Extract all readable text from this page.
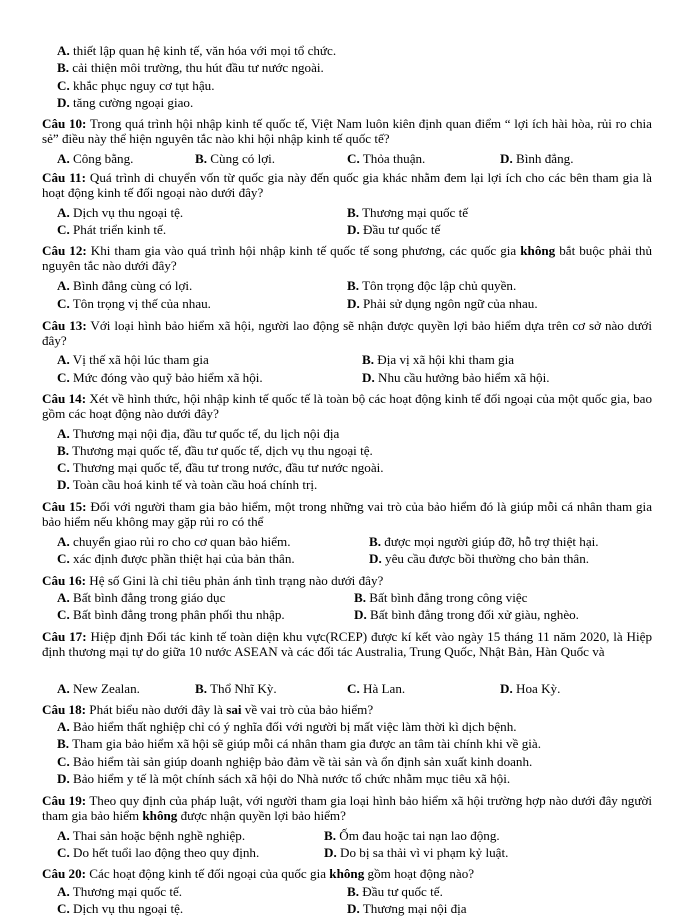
A. thiết lập quan hệ kinh tế, văn hóa với mọi tổ chức.
B. cải thiện môi trường, thu hút đầu tư nước ngoài.
C. khắc phục nguy cơ tụt hậu.
D. tăng cường ngoại giao.
Câu 10: Trong quá trình hội nhập kinh tế quốc tế, Việt Nam luôn kiên định quan điểm “ lợi ích hài hòa, rủi ro chia sẻ” điều này thể hiện nguyên tắc nào khi hội nhập kinh tế quốc tế?
A. Công bằng.	B. Cùng có lợi.	C. Thỏa thuận.	D. Bình đẳng.
Câu 11: Quá trình di chuyển vốn từ quốc gia này đến quốc gia khác nhằm đem lại lợi ích cho các bên tham gia là hoạt động kinh tế đối ngoại nào dưới đây?
A. Dịch vụ thu ngoại tệ.	B. Thương mại quốc tế
C. Phát triển kinh tế.	D. Đầu tư quốc tế
Câu 12: Khi tham gia vào quá trình hội nhập kinh tế quốc tế song phương, các quốc gia không bắt buộc phải thủ nguyên tắc nào dưới đây?
A. Bình đẳng cùng có lợi.	B. Tôn trọng độc lập chủ quyền.
C. Tôn trọng vị thế của nhau.	D. Phải sử dụng ngôn ngữ của nhau.
Câu 13: Với loại hình bảo hiểm xã hội, người lao động sẽ nhận được quyền lợi bảo hiểm dựa trên cơ sở nào dưới đây?
A. Vị thế xã hội lúc tham gia	B. Địa vị xã hội khi tham gia
C. Mức đóng vào quỹ bảo hiểm xã hội.	D. Nhu cầu hưởng bảo hiểm xã hội.
Câu 14: Xét về hình thức, hội nhập kinh tế quốc tế là toàn bộ các hoạt động kinh tế đối ngoại của một quốc gia, bao gồm các hoạt động nào dưới đây?
A. Thương mại nội địa, đầu tư quốc tế, du lịch nội địa
B. Thương mại quốc tế, đầu tư quốc tế, dịch vụ thu ngoại tệ.
C. Thương mại quốc tế, đầu tư trong nước, đầu tư nước ngoài.
D. Toàn cầu hoá kinh tế và toàn cầu hoá chính trị.
Câu 15: Đối với người tham gia bảo hiểm, một trong những vai trò của bảo hiểm đó là giúp mỗi cá nhân tham gia bảo hiểm nếu không may gặp rủi ro có thể
A. chuyển giao rủi ro cho cơ quan bảo hiểm.	B. được mọi người giúp đỡ, hỗ trợ thiệt hại.
C. xác định được phần thiệt hại của bản thân.	D. yêu cầu được bồi thường cho bản thân.
Câu 16: Hệ số Gini là chỉ tiêu phản ánh tình trạng nào dưới đây?
A. Bất bình đẳng trong giáo dục	B. Bất bình đẳng trong công việc
C. Bất bình đẳng trong phân phối thu nhập.	D. Bất bình đẳng trong đối xử giàu, nghèo.
Câu 17: Hiệp định Đối tác kinh tế toàn diện khu vực(RCEP) được kí kết vào ngày 15 tháng 11 năm 2020, là Hiệp định thương mại tự do giữa 10 nước ASEAN và các đối tác Australia, Trung Quốc, Nhật Bản, Hàn Quốc và
A. New Zealan.	B. Thổ Nhĩ Kỳ.	C. Hà Lan.	D. Hoa Kỳ.
Câu 18: Phát biểu nào dưới đây là sai về vai trò của bảo hiểm?
A. Bảo hiểm thất nghiệp chỉ có ý nghĩa đối với người bị mất việc làm thời kì dịch bệnh.
B. Tham gia bảo hiểm xã hội sẽ giúp mỗi cá nhân tham gia được an tâm tài chính khi về già.
C. Bảo hiểm tài sản giúp doanh nghiệp bảo đảm về tài sản và ổn định sản xuất kinh doanh.
D. Bảo hiểm y tế là một chính sách xã hội do Nhà nước tổ chức nhằm mục tiêu xã hội.
Câu 19: Theo quy định của pháp luật, với người tham gia loại hình bảo hiểm xã hội trường hợp nào dưới đây người tham gia bảo hiểm không được nhận quyền lợi bảo hiểm?
A. Thai sản hoặc bệnh nghề nghiệp.	B. Ốm đau hoặc tai nạn lao động.
C. Do hết tuổi lao động theo quy định.	D. Do bị sa thải vì vi phạm kỷ luật.
Câu 20: Các hoạt động kinh tế đối ngoại của quốc gia không gồm hoạt động nào?
A. Thương mại quốc tế.	B. Đầu tư quốc tế.
C. Dịch vụ thu ngoại tệ.	D. Thương mại nội địa
